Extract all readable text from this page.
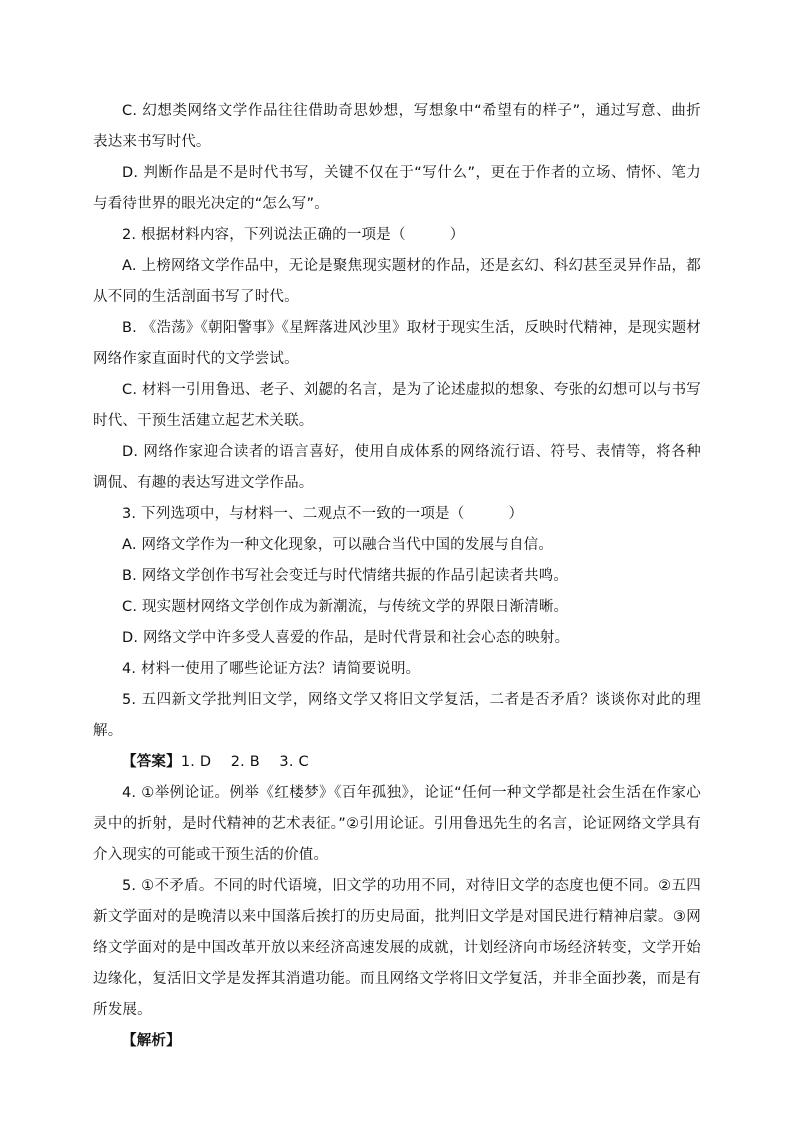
C. 幻想类网络文学作品往往借助奇思妙想，写想象中“希望有的样子”，通过写意、曲折表达来书写时代。

D. 判断作品是不是时代书写，关键不仅在于“写什么”，更在于作者的立场、情怀、笔力与看待世界的眼光决定的“怎么写”。

2. 根据材料内容，下列说法正确的一项是（　　　）

A. 上榜网络文学作品中，无论是聚焦现实题材的作品，还是玄幻、科幻甚至灵异作品，都从不同的生活剖面书写了时代。

B. 《浩荡》《朝阳警事》《星辉落进风沙里》取材于现实生活，反映时代精神，是现实题材网络作家直面时代的文学尝试。

C. 材料一引用鲁迅、老子、刘勰的名言，是为了论述虚拟的想象、夸张的幻想可以与书写时代、干预生活建立起艺术关联。

D. 网络作家迎合读者的语言喜好，使用自成体系的网络流行语、符号、表情等，将各种调侃、有趣的表达写进文学作品。

3. 下列选项中，与材料一、二观点不一致的一项是（　　　）

A. 网络文学作为一种文化现象，可以融合当代中国的发展与自信。

B. 网络文学创作书写社会变迁与时代情绪共振的作品引起读者共鸣。

C. 现实题材网络文学创作成为新潮流，与传统文学的界限日渐清晰。

D. 网络文学中许多受人喜爱的作品，是时代背景和社会心态的映射。

4. 材料一使用了哪些论证方法？请简要说明。

5. 五四新文学批判旧文学，网络文学又将旧文学复活，二者是否矛盾？谈谈你对此的理解。

【答案】1. D　 2. B　 3. C

4. ①举例论证。例举《红楼梦》《百年孤独》，论证“任何一种文学都是社会生活在作家心灵中的折射，是时代精神的艺术表征。”②引用论证。引用鲁迅先生的名言，论证网络文学具有介入现实的可能或干预生活的价值。

5. ①不矛盾。不同的时代语境，旧文学的功用不同，对待旧文学的态度也便不同。②五四新文学面对的是晚清以来中国落后挨打的历史局面，批判旧文学是对国民进行精神启蒙。③网络文学面对的是中国改革开放以来经济高速发展的成就，计划经济向市场经济转变，文学开始边缘化，复活旧文学是发挥其消遣功能。而且网络文学将旧文学复活，并非全面抄袭，而是有所发展。

【解析】
